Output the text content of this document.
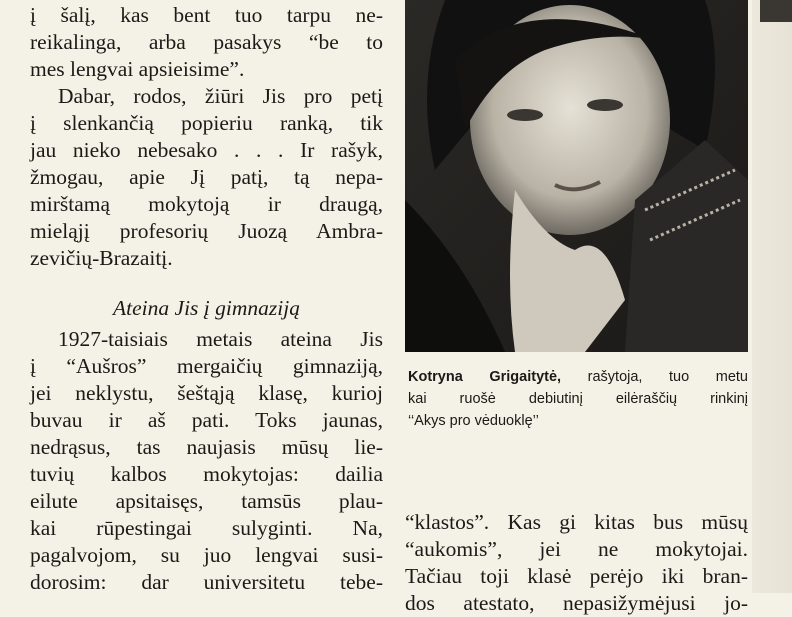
į šalį, kas bent tuo tarpu ne-
reikalinga, arba pasakys “be to
mes lengvai apsieisime”.
Dabar, rodos, žiūri Jis pro petį
į slenkančią popieriu ranką, tik
jau nieko nebesako . . . Ir rašyk,
žmogau, apie Jį patį, tą nepa-
mirštamą mokytoją ir draugą,
mieląjį profesorių Juozą Ambra-
zevičių-Brazaitį.
Ateina Jis į gimnaziją
1927-taisiais metais ateina Jis
į “Aušros” mergaičių gimnaziją,
jei neklystu, šeštąją klasę, kurioj
buvau ir aš pati. Toks jaunas,
nedrąsus, tas naujasis mūsų lie-
tuvių kalbos mokytojas: dailia
eilute apsitaisęs, tamsūs plau-
kai rūpestingai sulyginti. Na,
pagalvojom, su juo lengvai susi-
dorosim: dar universitetu tebe-
Kotryna Grigaitytė, rašytoja, tuo metu
kai ruošė debiutinį eilėraščių rinkinį
‘‘Akys pro vėduoklę’’
“klastos”. Kas gi kitas bus mūsų
“aukomis”, jei ne mokytojai.
Tačiau toji klasė perėjo iki bran-
dos atestato, nepasižymėjusi jo-
